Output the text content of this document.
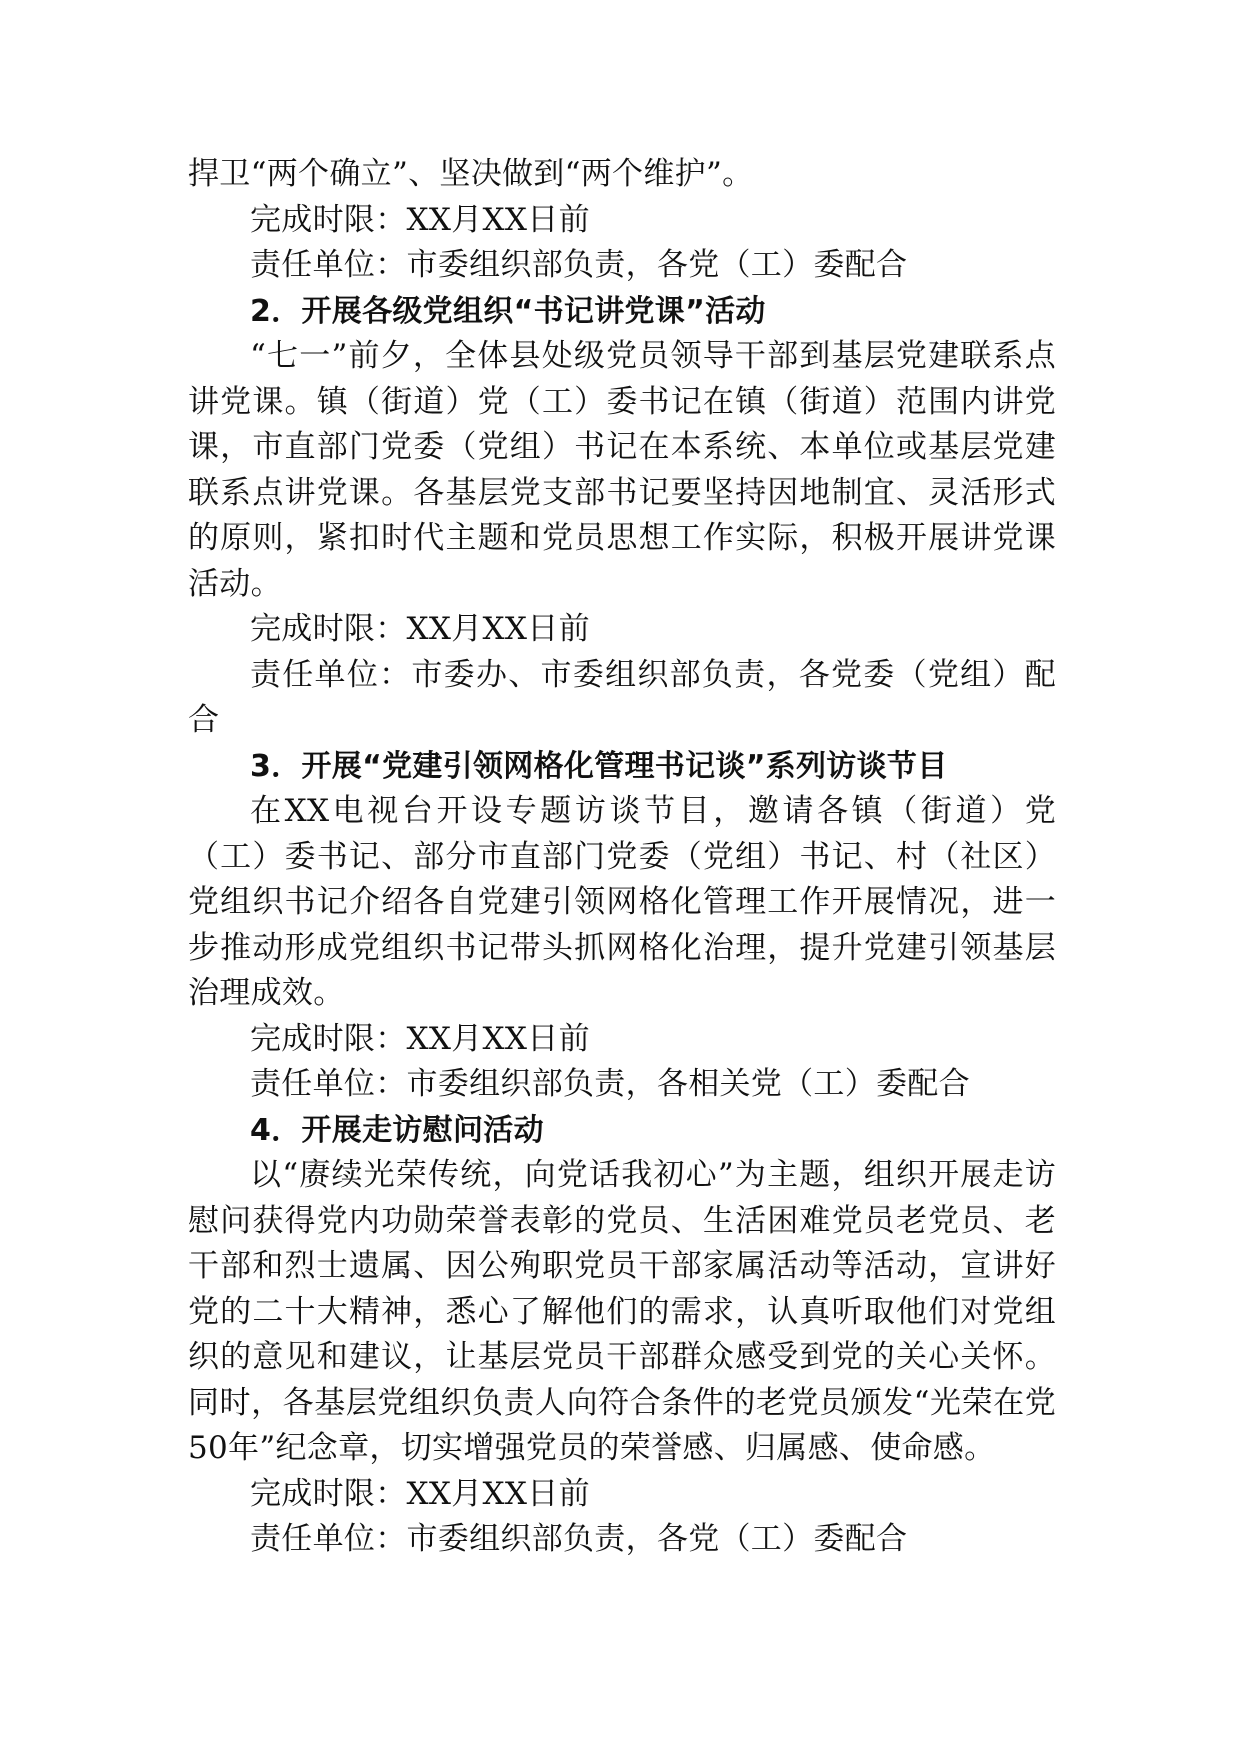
捍卫“两个确立”、坚决做到“两个维护”。

完成时限：XX月XX日前

责任单位：市委组织部负责，各党（工）委配合

2．开展各级党组织“书记讲党课”活动

“七一”前夕，全体县处级党员领导干部到基层党建联系点讲党课。镇（街道）党（工）委书记在镇（街道）范围内讲党课，市直部门党委（党组）书记在本系统、本单位或基层党建联系点讲党课。各基层党支部书记要坚持因地制宜、灵活形式的原则，紧扣时代主题和党员思想工作实际，积极开展讲党课活动。

完成时限：XX月XX日前

责任单位：市委办、市委组织部负责，各党委（党组）配合

3．开展“党建引领网格化管理书记谈”系列访谈节目

在XX电视台开设专题访谈节目，邀请各镇（街道）党（工）委书记、部分市直部门党委（党组）书记、村（社区）党组织书记介绍各自党建引领网格化管理工作开展情况，进一步推动形成党组织书记带头抓网格化治理，提升党建引领基层治理成效。

完成时限：XX月XX日前

责任单位：市委组织部负责，各相关党（工）委配合

4．开展走访慰问活动

以“赓续光荣传统，向党话我初心”为主题，组织开展走访慰问获得党内功勋荣誉表彰的党员、生活困难党员老党员、老干部和烈士遗属、因公殉职党员干部家属活动等活动，宣讲好党的二十大精神，悉心了解他们的需求，认真听取他们对党组织的意见和建议，让基层党员干部群众感受到党的关心关怀。同时，各基层党组织负责人向符合条件的老党员颁发“光荣在党50年”纪念章，切实增强党员的荣誉感、归属感、使命感。

完成时限：XX月XX日前

责任单位：市委组织部负责，各党（工）委配合
